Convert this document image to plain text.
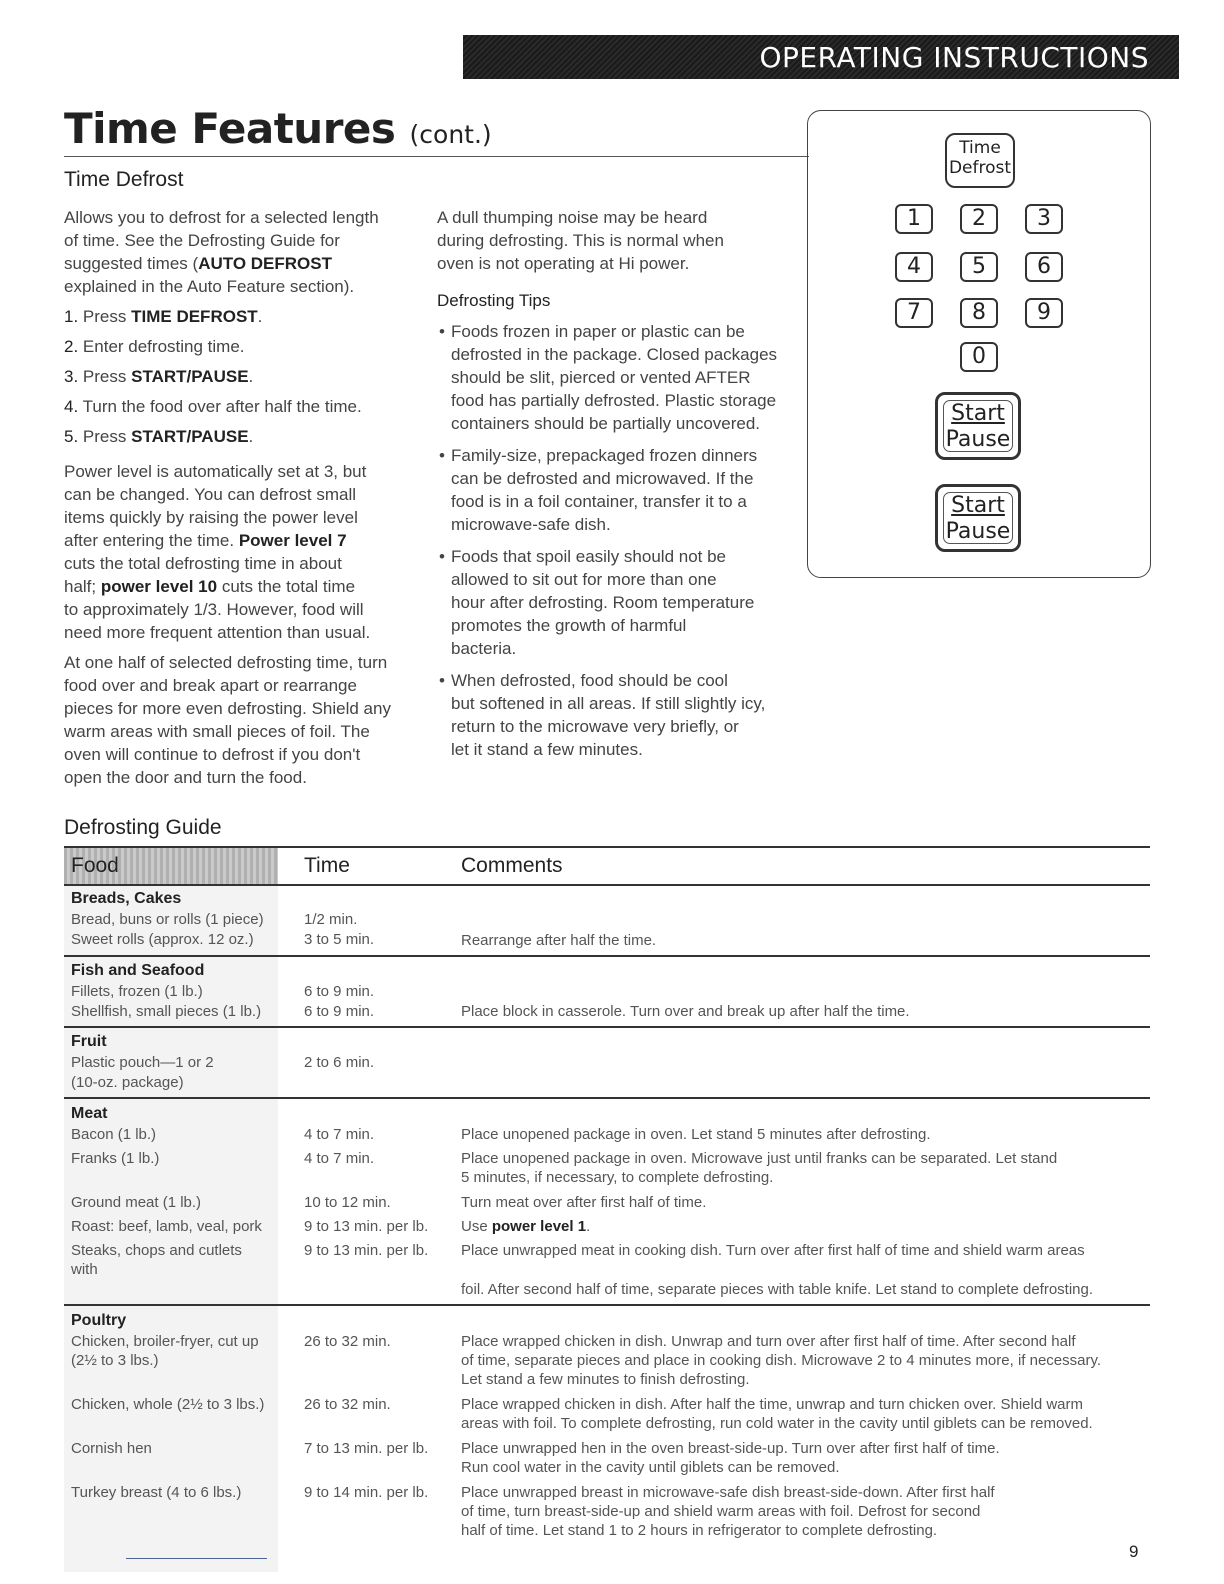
OPERATING INSTRUCTIONS
Time Features (cont.)
Time Defrost

Allows you to defrost for a selected length
of time. See the Defrosting Guide for
suggested times (AUTO DEFROST
explained in the Auto Feature section).

1. Press TIME DEFROST.
2. Enter defrosting time.
3. Press START/PAUSE.
4. Turn the food over after half the time.
5. Press START/PAUSE.

Power level is automatically set at 3, but
can be changed. You can defrost small
items quickly by raising the power level
after entering the time. Power level 7
cuts the total defrosting time in about
half; power level 10 cuts the total time
to approximately 1/3. However, food will
need more frequent attention than usual.

At one half of selected defrosting time, turn
food over and break apart or rearrange
pieces for more even defrosting. Shield any
warm areas with small pieces of foil. The
oven will continue to defrost if you don't
open the door and turn the food.

A dull thumping noise may be heard
during defrosting. This is normal when
oven is not operating at Hi power.

Defrosting Tips
• Foods frozen in paper or plastic can be
defrosted in the package. Closed packages
should be slit, pierced or vented AFTER
food has partially defrosted. Plastic storage
containers should be partially uncovered.
• Family-size, prepackaged frozen dinners
can be defrosted and microwaved. If the
food is in a foil container, transfer it to a
microwave-safe dish.
• Foods that spoil easily should not be
allowed to sit out for more than one
hour after defrosting. Room temperature
promotes the growth of harmful
bacteria.
• When defrosted, food should be cool
but softened in all areas. If still slightly icy,
return to the microwave very briefly, or
let it stand a few minutes.
Time
Defrost
1	2	3
4	5	6
7	8	9
0
Start
Pause
Start
Pause
Defrosting Guide
Food	Time	Comments
Breads, Cakes
Bread, buns or rolls (1 piece)	1/2 min.
Sweet rolls (approx. 12 oz.)	3 to 5 min.	Rearrange after half the time.
Fish and Seafood
Fillets, frozen (1 lb.)	6 to 9 min.
Shellfish, small pieces (1 lb.)	6 to 9 min.	Place block in casserole. Turn over and break up after half the time.
Fruit
Plastic pouch—1 or 2	2 to 6 min.
(10-oz. package)
Meat
Bacon (1 lb.)	4 to 7 min.	Place unopened package in oven. Let stand 5 minutes after defrosting.
Franks (1 lb.)	4 to 7 min.	Place unopened package in oven. Microwave just until franks can be separated. Let stand
5 minutes, if necessary, to complete defrosting.
Ground meat (1 lb.)	10 to 12 min.	Turn meat over after first half of time.
Roast: beef, lamb, veal, pork	9 to 13 min. per lb.	Use power level 1.
Steaks, chops and cutlets
with
9 to 13 min. per lb.	Place unwrapped meat in cooking dish. Turn over after first half of time and shield warm areas
foil. After second half of time, separate pieces with table knife. Let stand to complete defrosting.
Poultry
Chicken, broiler-fryer, cut up
(2½ to 3 lbs.)
26 to 32 min.	Place wrapped chicken in dish. Unwrap and turn over after first half of time. After second half
of time, separate pieces and place in cooking dish. Microwave 2 to 4 minutes more, if necessary.
Let stand a few minutes to finish defrosting.
Chicken, whole (2½ to 3 lbs.)	26 to 32 min.	Place wrapped chicken in dish. After half the time, unwrap and turn chicken over. Shield warm
areas with foil. To complete defrosting, run cold water in the cavity until giblets can be removed.
Cornish hen	7 to 13 min. per lb.	Place unwrapped hen in the oven breast-side-up. Turn over after first half of time.
Run cool water in the cavity until giblets can be removed.
Turkey breast (4 to 6 lbs.)	9 to 14 min. per lb.	Place unwrapped breast in microwave-safe dish breast-side-down. After first half
of time, turn breast-side-up and shield warm areas with foil. Defrost for second
half of time. Let stand 1 to 2 hours in refrigerator to complete defrosting.
9
